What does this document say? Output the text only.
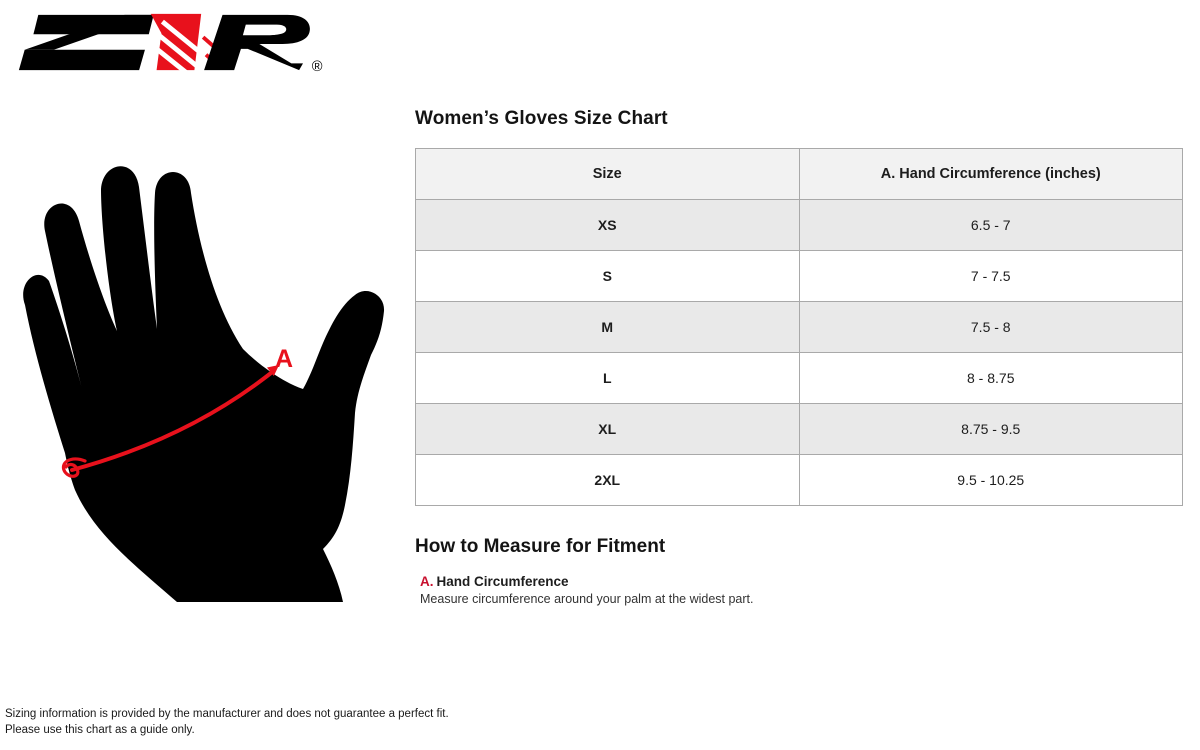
®
A
Women’s Gloves Size Chart
Size	A. Hand Circumference (inches)
XS	6.5 - 7
S	7 - 7.5
M	7.5 - 8
L	8 - 8.75
XL	8.75 - 9.5
2XL	9.5 - 10.25
How to Measure for Fitment
A. Hand Circumference
Measure circumference around your palm at the widest part.
Sizing information is provided by the manufacturer and does not guarantee a perfect fit.
Please use this chart as a guide only.
